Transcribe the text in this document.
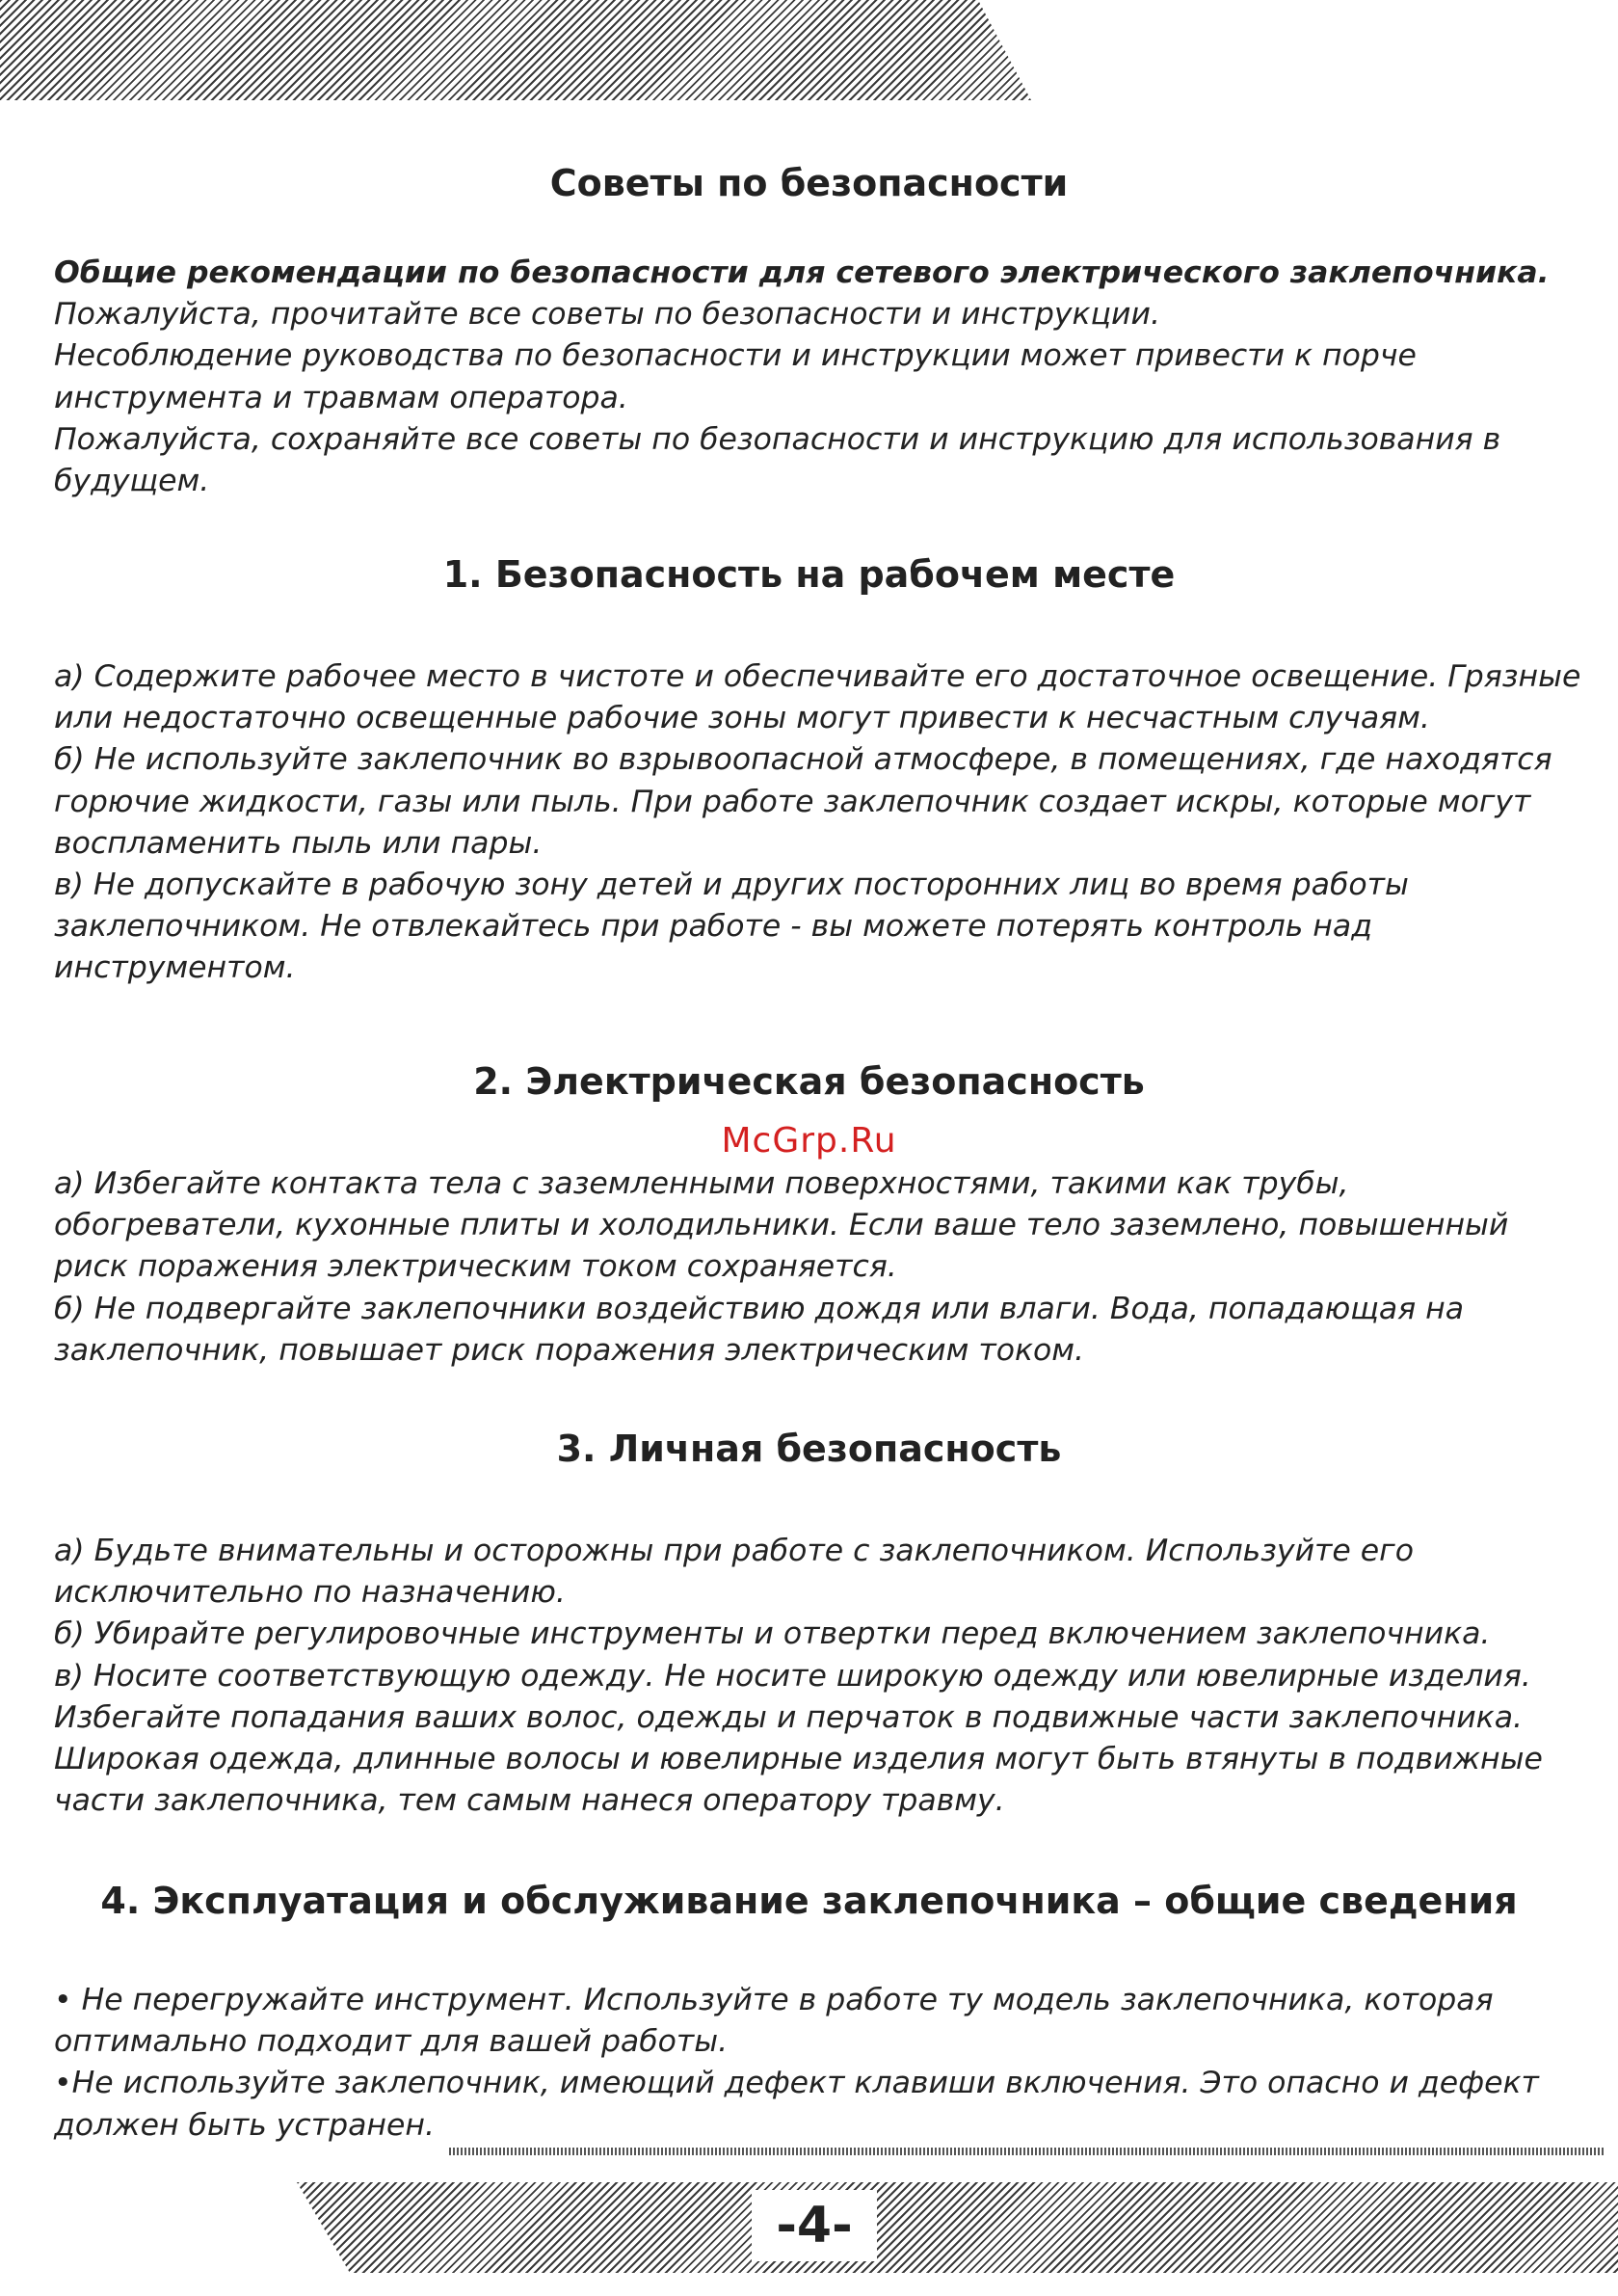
Советы по безопасности

Общие рекомендации по безопасности для сетевого электрического заклепочника.

Пожалуйста, прочитайте все советы по безопасности и инструкции.

Несоблюдение руководства по безопасности и инструкции может привести к порче инструмента и травмам оператора.

Пожалуйста, сохраняйте все советы по безопасности и инструкцию для использования в будущем.

1. Безопасность на рабочем месте

а) Содержите рабочее место в чистоте и обеспечивайте его достаточное освещение. Грязные или недостаточно освещенные рабочие зоны могут привести к несчастным случаям.

б) Не используйте заклепочник во взрывоопасной атмосфере, в помещениях, где находятся горючие жидкости, газы или пыль. При работе заклепочник создает искры, которые могут воспламенить пыль или пары.

в) Не допускайте в рабочую зону детей и других посторонних лиц во время работы заклепочником. Не отвлекайтесь при работе - вы можете потерять контроль над инструментом.

2. Электрическая безопасность
McGrp.Ru

а) Избегайте контакта тела с заземленными поверхностями, такими как трубы, обогреватели, кухонные плиты и холодильники. Если ваше тело заземлено, повышенный риск поражения электрическим током сохраняется.

б) Не подвергайте заклепочники воздействию дождя или влаги. Вода, попадающая на заклепочник, повышает риск поражения электрическим током.

3. Личная безопасность

а) Будьте внимательны и осторожны при работе с заклепочником. Используйте его исключительно по назначению.

б) Убирайте регулировочные инструменты и отвертки перед включением заклепочника.

в) Носите соответствующую одежду. Не носите широкую одежду или ювелирные изделия. Избегайте попадания ваших волос, одежды и перчаток в подвижные части заклепочника. Широкая одежда, длинные волосы и ювелирные изделия могут быть втянуты в подвижные части заклепочника, тем самым нанеся оператору травму.

4. Эксплуатация и обслуживание заклепочника – общие сведения

• Не перегружайте инструмент. Используйте в работе ту модель заклепочника, которая оптимально подходит для вашей работы.

•Не используйте заклепочник, имеющий дефект клавиши включения. Это опасно и дефект должен быть устранен.

-4-
